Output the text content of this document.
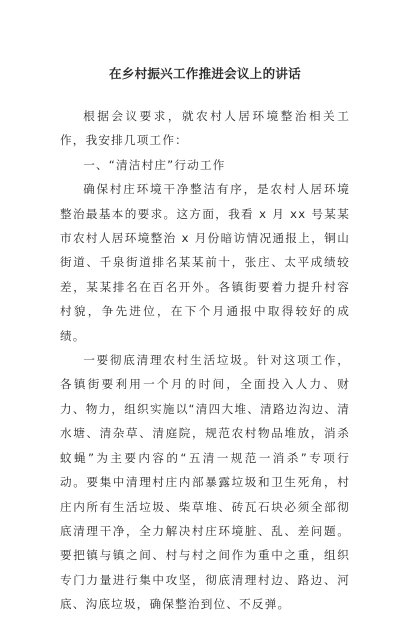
在乡村振兴工作推进会议上的讲话

根据会议要求，就农村人居环境整治相关工作，我安排几项工作：

一、“清洁村庄”行动工作

确保村庄环境干净整洁有序，是农村人居环境整治最基本的要求。这方面，我看 x 月 xx 号某某市农村人居环境整治 x 月份暗访情况通报上，铜山街道、千泉街道排名某某前十，张庄、太平成绩较差，某某排名在百名开外。各镇街要着力提升村容村貌，争先进位，在下个月通报中取得较好的成绩。

一要彻底清理农村生活垃圾。针对这项工作，各镇街要利用一个月的时间，全面投入人力、财力、物力，组织实施以“清四大堆、清路边沟边、清水塘、清杂草、清庭院，规范农村物品堆放，消杀蚊蝇”为主要内容的“五清一规范一消杀”专项行动。要集中清理村庄内部暴露垃圾和卫生死角，村庄内所有生活垃圾、柴草堆、砖瓦石块必须全部彻底清理干净，全力解决村庄环境脏、乱、差问题。要把镇与镇之间、村与村之间作为重中之重，组织专门力量进行集中攻坚，彻底清理村边、路边、河底、沟底垃圾，确保整治到位、不反弹。
